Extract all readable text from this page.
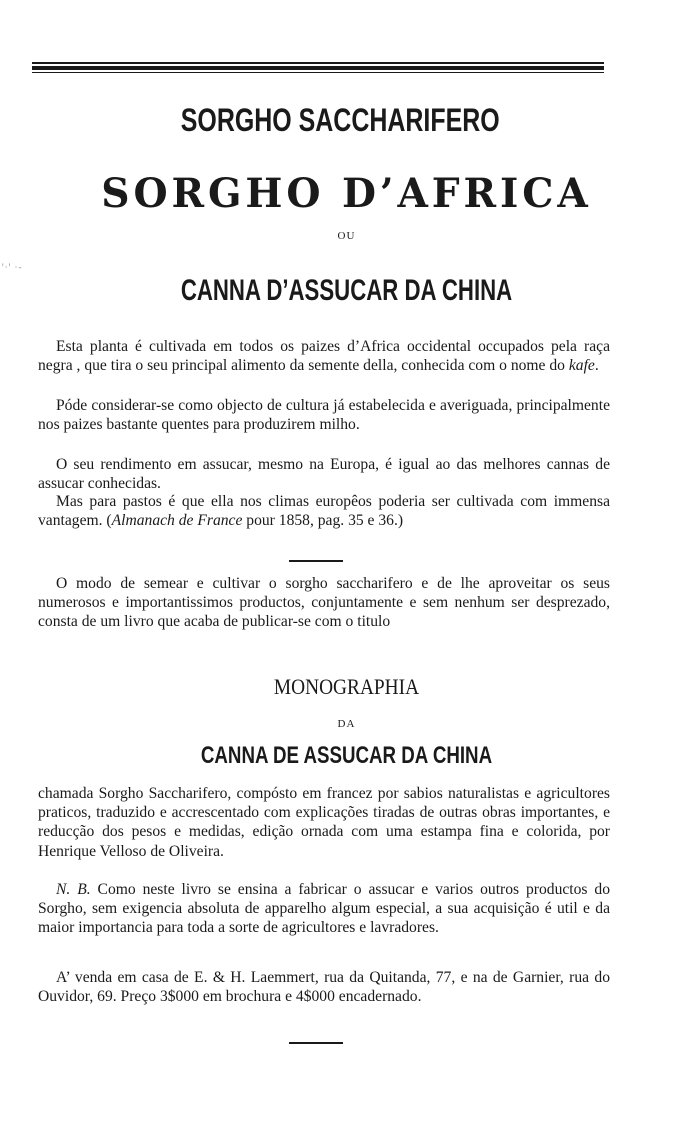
SORGHO SACCHARIFERO
SORGHO D’AFRICA
OU
ꞌ·ꞌ ·-
CANNA D’ASSUCAR DA CHINA
Esta planta é cultivada em todos os paizes d’Africa occidental occupados pela raça negra , que tira o seu principal alimento da semente della, conhecida com o nome do kafe.
Póde considerar-se como objecto de cultura já estabelecida e averiguada, principalmente nos paizes bastante quentes para produzirem milho.
O seu rendimento em assucar, mesmo na Europa, é igual ao das melhores cannas de assucar conhecidas.
Mas para pastos é que ella nos climas europêos poderia ser cultivada com immensa vantagem. (Almanach de France pour 1858, pag. 35 e 36.)
O modo de semear e cultivar o sorgho saccharifero e de lhe aproveitar os seus numerosos e importantissimos productos, conjuntamente e sem nenhum ser desprezado, consta de um livro que acaba de publicar-se com o titulo
MONOGRAPHIA
DA
CANNA DE ASSUCAR DA CHINA
chamada Sorgho Saccharifero, compósto em francez por sabios naturalistas e agricultores praticos, traduzido e accrescentado com explicações tiradas de outras obras importantes, e reducção dos pesos e medidas, edição ornada com uma estampa fina e colorida, por Henrique Velloso de Oliveira.
N. B. Como neste livro se ensina a fabricar o assucar e varios outros productos do Sorgho, sem exigencia absoluta de apparelho algum especial, a sua acquisição é util e da maior importancia para toda a sorte de agricultores e lavradores.
A’ venda em casa de E. & H. Laemmert, rua da Quitanda, 77, e na de Garnier, rua do Ouvidor, 69. Preço 3$000 em brochura e 4$000 encadernado.
